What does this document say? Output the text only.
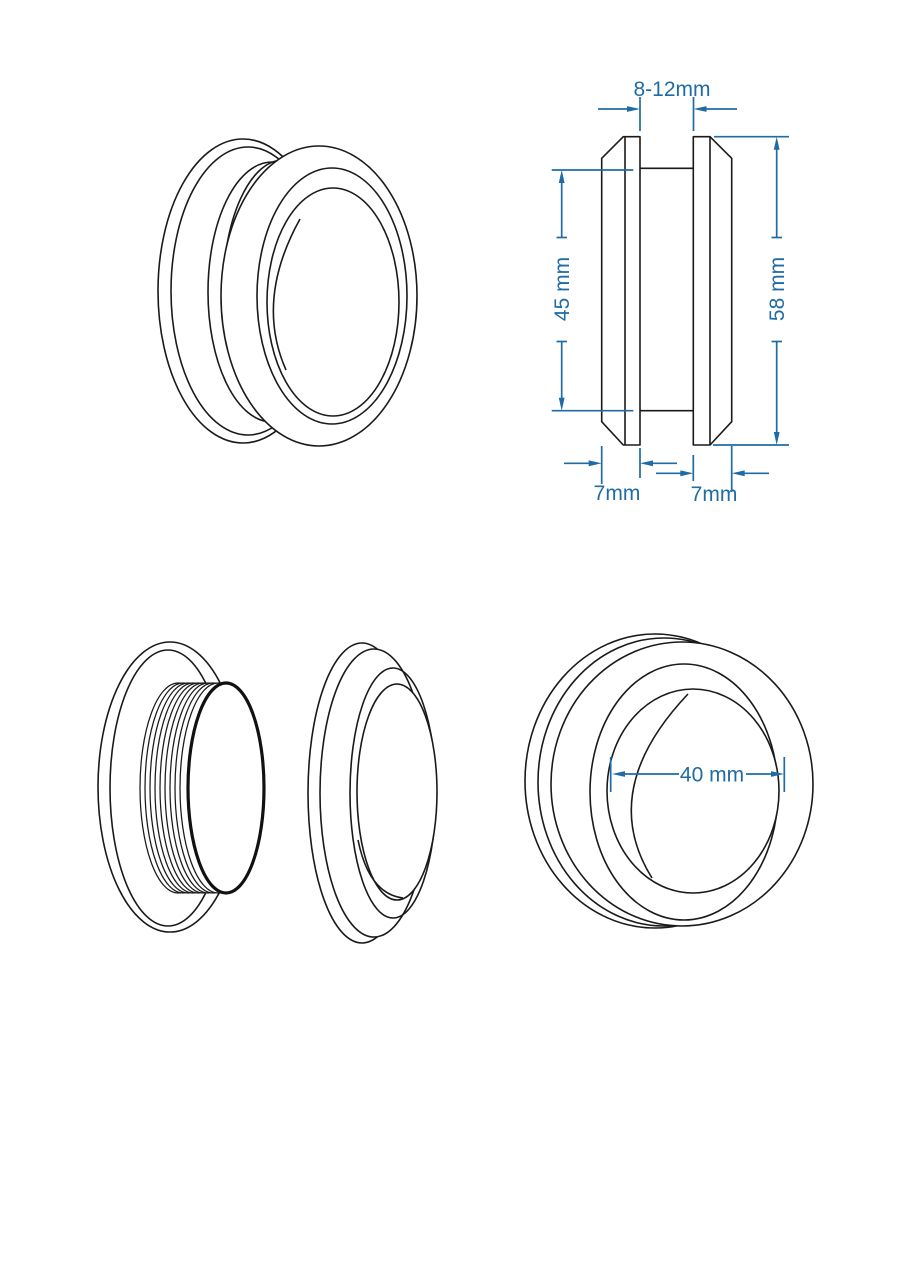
8-12mm
45 mm	58 mm
7mm 7mm
40 mm
